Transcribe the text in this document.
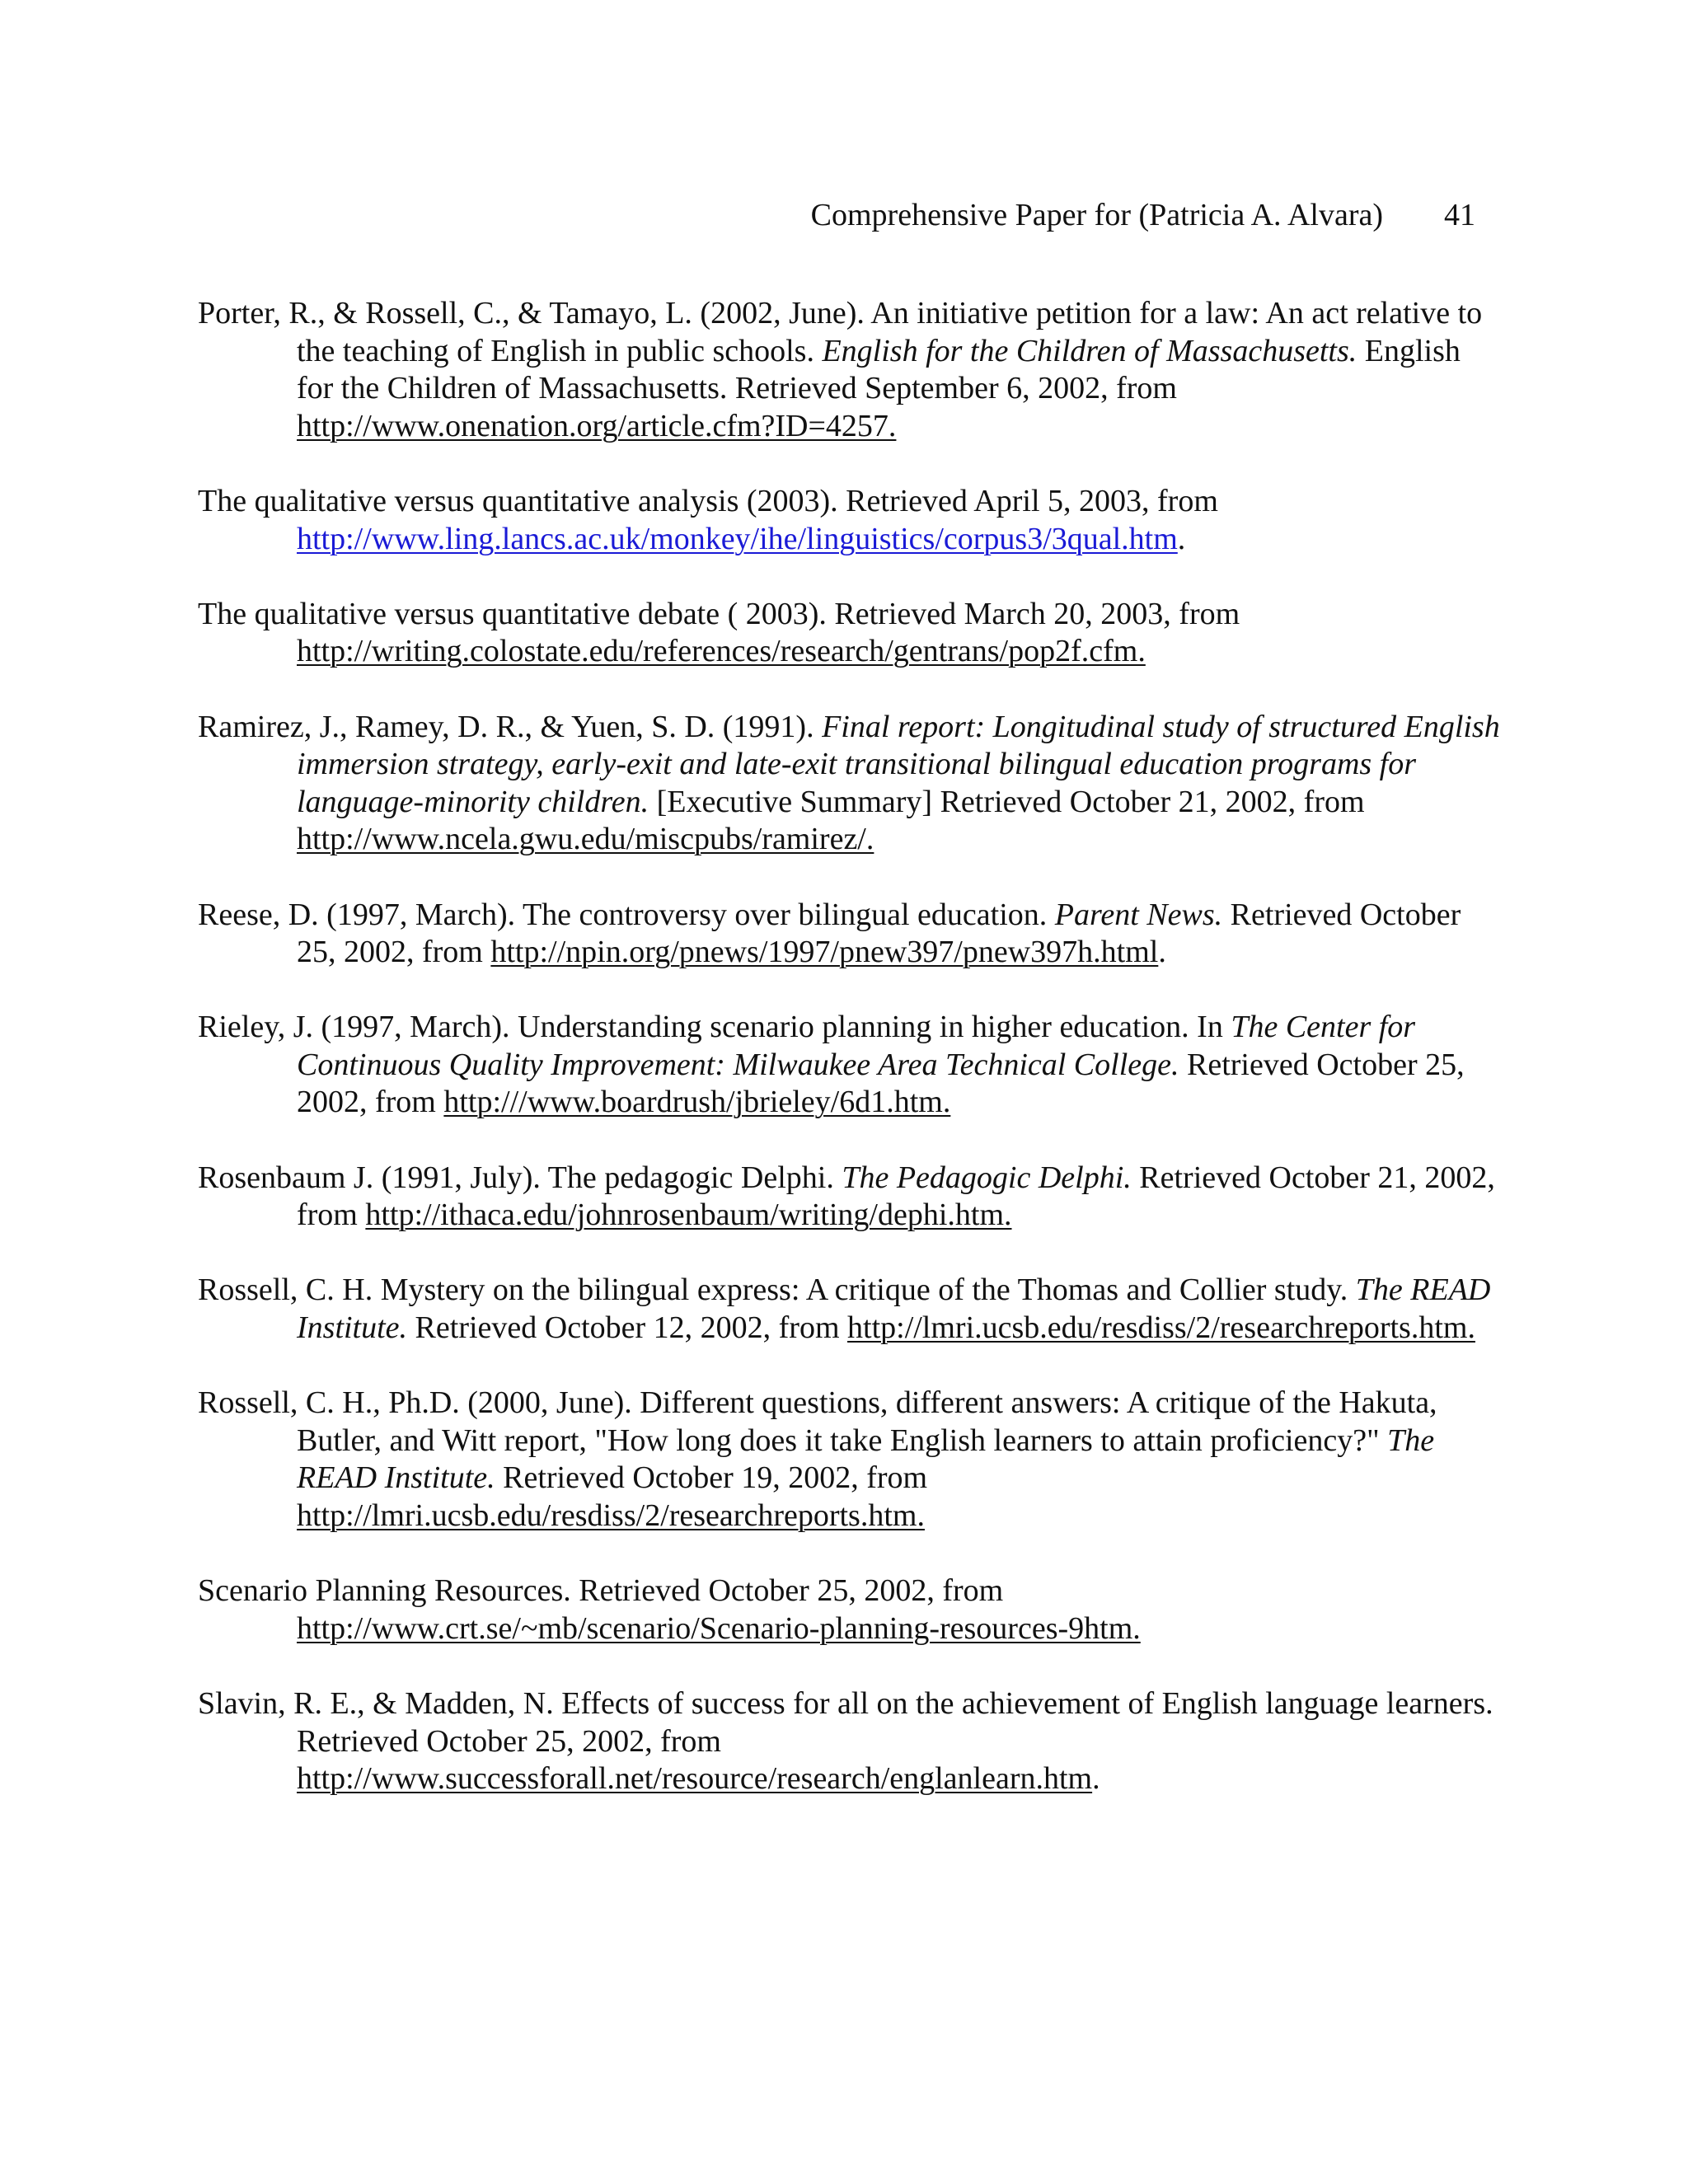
Comprehensive Paper for (Patricia A. Alvara) 41

Porter, R., & Rossell, C., & Tamayo, L. (2002, June). An initiative petition for a law: An act relative to the teaching of English in public schools. English for the Children of Massachusetts. English for the Children of Massachusetts. Retrieved September 6, 2002, from http://www.onenation.org/article.cfm?ID=4257.

The qualitative versus quantitative analysis (2003). Retrieved April 5, 2003, from http://www.ling.lancs.ac.uk/monkey/ihe/linguistics/corpus3/3qual.htm.

The qualitative versus quantitative debate ( 2003). Retrieved March 20, 2003, from http://writing.colostate.edu/references/research/gentrans/pop2f.cfm.

Ramirez, J., Ramey, D. R., & Yuen, S. D. (1991). Final report: Longitudinal study of structured English immersion strategy, early-exit and late-exit transitional bilingual education programs for language-minority children. [Executive Summary] Retrieved October 21, 2002, from http://www.ncela.gwu.edu/miscpubs/ramirez/.

Reese, D. (1997, March). The controversy over bilingual education. Parent News. Retrieved October 25, 2002, from http://npin.org/pnews/1997/pnew397/pnew397h.html.

Rieley, J. (1997, March). Understanding scenario planning in higher education. In The Center for Continuous Quality Improvement: Milwaukee Area Technical College. Retrieved October 25, 2002, from http:///www.boardrush/jbrieley/6d1.htm.

Rosenbaum J. (1991, July). The pedagogic Delphi. The Pedagogic Delphi. Retrieved October 21, 2002, from http://ithaca.edu/johnrosenbaum/writing/dephi.htm.

Rossell, C. H. Mystery on the bilingual express: A critique of the Thomas and Collier study. The READ Institute. Retrieved October 12, 2002, from http://lmri.ucsb.edu/resdiss/2/researchreports.htm.

Rossell, C. H., Ph.D. (2000, June). Different questions, different answers: A critique of the Hakuta, Butler, and Witt report, "How long does it take English learners to attain proficiency?" The READ Institute. Retrieved October 19, 2002, from http://lmri.ucsb.edu/resdiss/2/researchreports.htm.

Scenario Planning Resources. Retrieved October 25, 2002, from http://www.crt.se/~mb/scenario/Scenario-planning-resources-9htm.

Slavin, R. E., & Madden, N. Effects of success for all on the achievement of English language learners. Retrieved October 25, 2002, from http://www.successforall.net/resource/research/englanlearn.htm.
